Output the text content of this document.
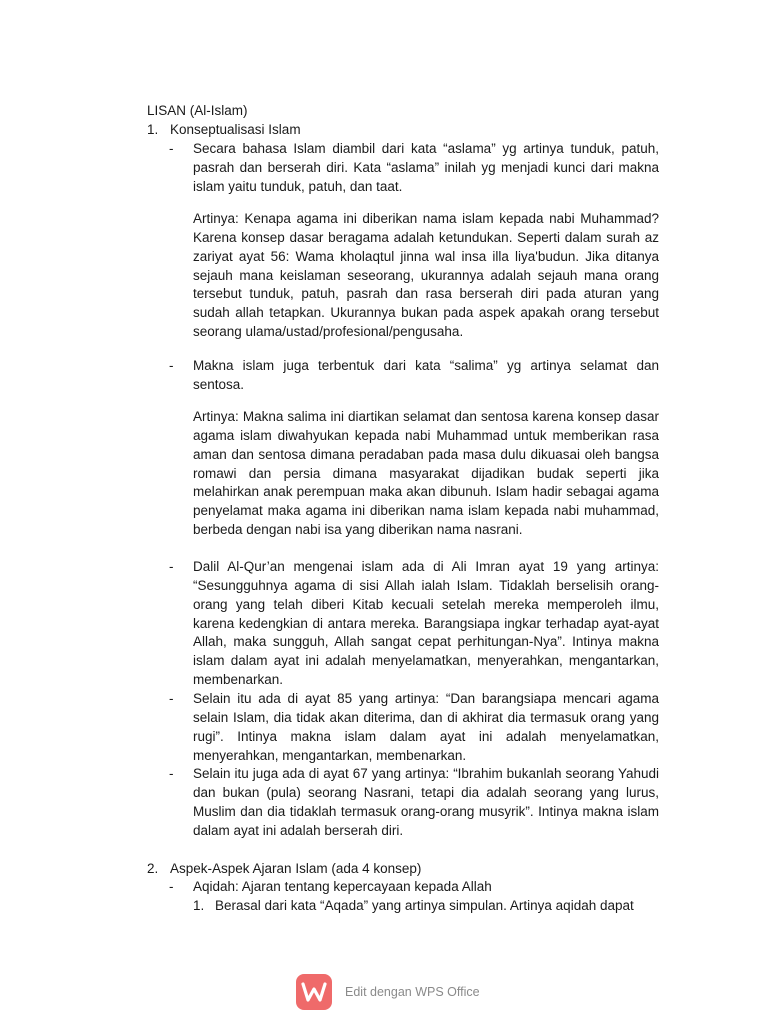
LISAN (Al-Islam)
1. Konseptualisasi Islam
- Secara bahasa Islam diambil dari kata “aslama” yg artinya tunduk, patuh, pasrah dan berserah diri. Kata “aslama” inilah yg menjadi kunci dari makna islam yaitu tunduk, patuh, dan taat.

Artinya: Kenapa agama ini diberikan nama islam kepada nabi Muhammad? Karena konsep dasar beragama adalah ketundukan. Seperti dalam surah az zariyat ayat 56: Wama kholaqtul jinna wal insa illa liya'budun. Jika ditanya sejauh mana keislaman seseorang, ukurannya adalah sejauh mana orang tersebut tunduk, patuh, pasrah dan rasa berserah diri pada aturan yang sudah allah tetapkan. Ukurannya bukan pada aspek apakah orang tersebut seorang ulama/ustad/profesional/pengusaha.

- Makna islam juga terbentuk dari kata “salima” yg artinya selamat dan sentosa.

Artinya: Makna salima ini diartikan selamat dan sentosa karena konsep dasar agama islam diwahyukan kepada nabi Muhammad untuk memberikan rasa aman dan sentosa dimana peradaban pada masa dulu dikuasai oleh bangsa romawi dan persia dimana masyarakat dijadikan budak seperti jika melahirkan anak perempuan maka akan dibunuh. Islam hadir sebagai agama penyelamat maka agama ini diberikan nama islam kepada nabi muhammad, berbeda dengan nabi isa yang diberikan nama nasrani.

- Dalil Al-Qur’an mengenai islam ada di Ali Imran ayat 19 yang artinya: “Sesungguhnya agama di sisi Allah ialah Islam. Tidaklah berselisih orang-orang yang telah diberi Kitab kecuali setelah mereka memperoleh ilmu, karena kedengkian di antara mereka. Barangsiapa ingkar terhadap ayat-ayat Allah, maka sungguh, Allah sangat cepat perhitungan-Nya”. Intinya makna islam dalam ayat ini adalah menyelamatkan, menyerahkan, mengantarkan, membenarkan.

- Selain itu ada di ayat 85 yang artinya: “Dan barangsiapa mencari agama selain Islam, dia tidak akan diterima, dan di akhirat dia termasuk orang yang rugi”. Intinya makna islam dalam ayat ini adalah menyelamatkan, menyerahkan, mengantarkan, membenarkan.

- Selain itu juga ada di ayat 67 yang artinya: “Ibrahim bukanlah seorang Yahudi dan bukan (pula) seorang Nasrani, tetapi dia adalah seorang yang lurus, Muslim dan dia tidaklah termasuk orang-orang musyrik”. Intinya makna islam dalam ayat ini adalah berserah diri.

2. Aspek-Aspek Ajaran Islam (ada 4 konsep)
- Aqidah: Ajaran tentang kepercayaan kepada Allah
1. Berasal dari kata “Aqada” yang artinya simpulan. Artinya aqidah dapat
Edit dengan WPS Office
